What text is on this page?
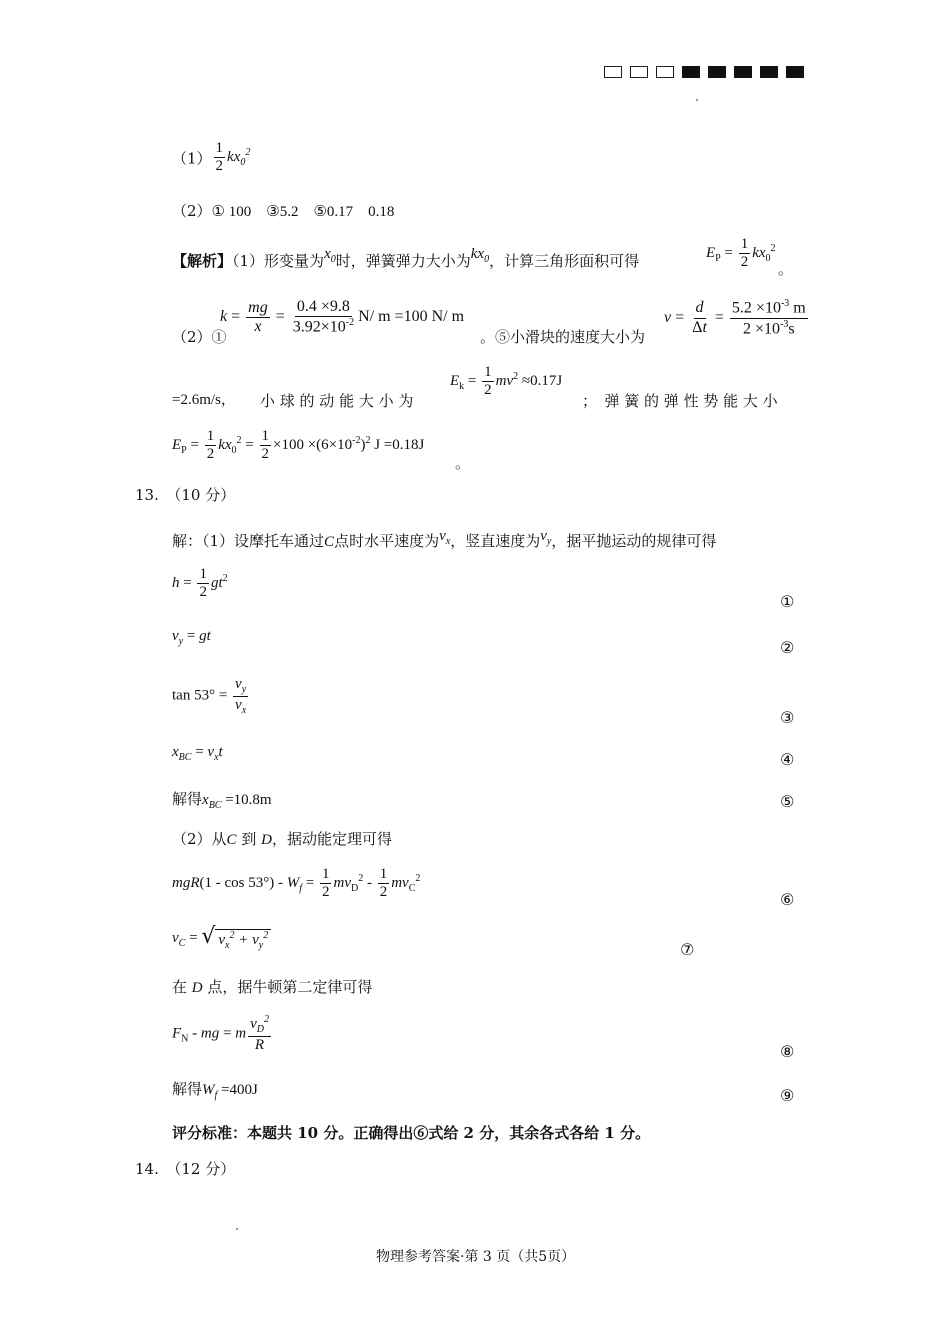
$(1) \frac{1}{2} kx_0^2$
（2）① 100　③5.2　⑤0.17　0.18
【解析】（1）形变量为$x_0$时，弹簧弹力大小为$kx_0$，计算三角形面积可得	$E_P = \frac{1}{2} kx_0^2$
。
（2）①
$k = \frac{mg}{x} = \frac{0.4 \times 9.8}{3.92\times 10^{-2}} N/$ m =100 N/ m
。⑤小滑块的速度大小为
$v = \frac{d}{\Delta t} = \frac{5.2 \times 10^{-3} m}{2 \times 10^{-3}s}$
=2.6m/s， 小 球 的 动 能 大 小 为
$E_k = \frac{1}{2} mv^2 \approx 0.17J$
；　弹 簧 的 弹 性 势 能 大 小
$E_P = \frac{1}{2} kx_0^2 = \frac{1}{2} \times 100 \times(6\times 10^{-2})^2$ J =0.18J
。
13.　 （10 分）
解：（1）设摩托车通过C点时水平速度为$v_x$，竖直速度为$v_y$，据平抛运动的规律可得
$h = \frac{1}{2} gt^2$
①
$v_y$ = gt
②
$\tan 53^\circ = \frac{v_y}{v_x}$
③
$x_{BC} = v_xt$	④
解得$x_{BC} =10.8m$	⑤
（2）从C 到 D，据动能定理可得
$mgR(1 - \cos 53^\circ) - W_f = \frac{1}{2} mv_D^2 - \frac{1}{2} mv_C^2$
⑥
$v_C$ = √ $v_x^2 + v_y^2$
⑦
在 D 点，据牛顿第二定律可得
$F_N$ - mg = m $\frac{v_D^2}{R}$	⑧
解得$W_f =400J$	⑨
评分标准：本题共 10 分。正确得出⑥式给 2 分，其余各式各给 1 分。
14.　 （12 分）
物理参考答案·第 3 页（共5页）
